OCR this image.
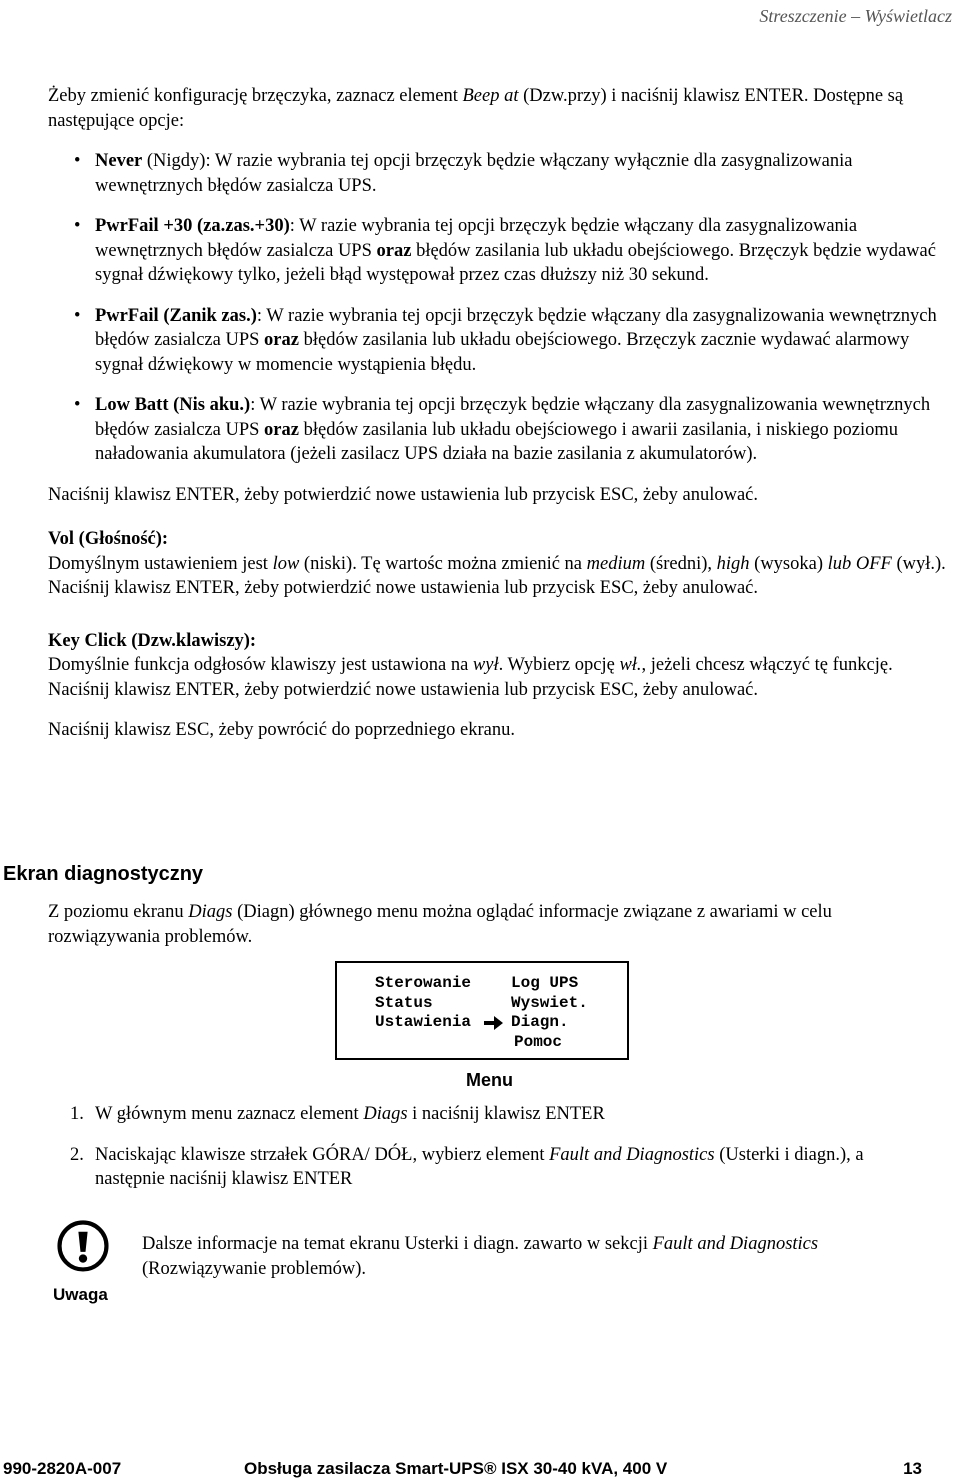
Streszczenie – Wyświetlacz

Żeby zmienić konfigurację brzęczyka, zaznacz element Beep at (Dzw.przy) i naciśnij klawisz ENTER. Dostępne są następujące opcje:

• Never (Nigdy): W razie wybrania tej opcji brzęczyk będzie włączany wyłącznie dla zasygnalizowania wewnętrznych błędów zasialcza UPS.
• PwrFail +30 (za.zas.+30): W razie wybrania tej opcji brzęczyk będzie włączany dla zasygnalizowania wewnętrznych błędów zasialcza UPS oraz błędów zasilania lub układu obejściowego. Brzęczyk będzie wydawać sygnał dźwiękowy tylko, jeżeli błąd występował przez czas dłuższy niż 30 sekund.
• PwrFail (Zanik zas.): W razie wybrania tej opcji brzęczyk będzie włączany dla zasygnalizowania wewnętrznych błędów zasialcza UPS oraz błędów zasilania lub układu obejściowego. Brzęczyk zacznie wydawać alarmowy sygnał dźwiękowy w momencie wystąpienia błędu.
• Low Batt (Nis aku.): W razie wybrania tej opcji brzęczyk będzie włączany dla zasygnalizowania wewnętrznych błędów zasialcza UPS oraz błędów zasilania lub układu obejściowego i awarii zasilania, i niskiego poziomu naładowania akumulatora (jeżeli zasilacz UPS działa na bazie zasilania z akumulatorów).

Naciśnij klawisz ENTER, żeby potwierdzić nowe ustawienia lub przycisk ESC, żeby anulować.

Vol (Głośność):

Domyślnym ustawieniem jest low (niski). Tę wartośc można zmienić na medium (średni), high (wysoka) lub OFF (wył.). Naciśnij klawisz ENTER, żeby potwierdzić nowe ustawienia lub przycisk ESC, żeby anulować.

Key Click (Dzw.klawiszy):

Domyślnie funkcja odgłosów klawiszy jest ustawiona na wył. Wybierz opcję wł., jeżeli chcesz włączyć tę funkcję. Naciśnij klawisz ENTER, żeby potwierdzić nowe ustawienia lub przycisk ESC, żeby anulować.

Naciśnij klawisz ESC, żeby powrócić do poprzedniego ekranu.

Ekran diagnostyczny

Z poziomu ekranu Diags (Diagn) głównego menu można oglądać informacje związane z awariami w celu rozwiązywania problemów.

Sterowanie Log UPS
Status	Wyswiet.
Ustawienia Diagn.

Pomoc
Menu
1. W głównym menu zaznacz element Diags i naciśnij klawisz ENTER
2. Naciskając klawisze strzałek GÓRA/ DÓŁ, wybierz element Fault and Diagnostics (Usterki i diagn.), a następnie naciśnij klawisz ENTER
Uwaga
Dalsze informacje na temat ekranu Usterki i diagn. zawarto w sekcji Fault and Diagnostics (Rozwiązywanie problemów).
990-2820A-007	Obsługa zasilacza Smart-UPS® ISX 30-40 kVA, 400 V	13
